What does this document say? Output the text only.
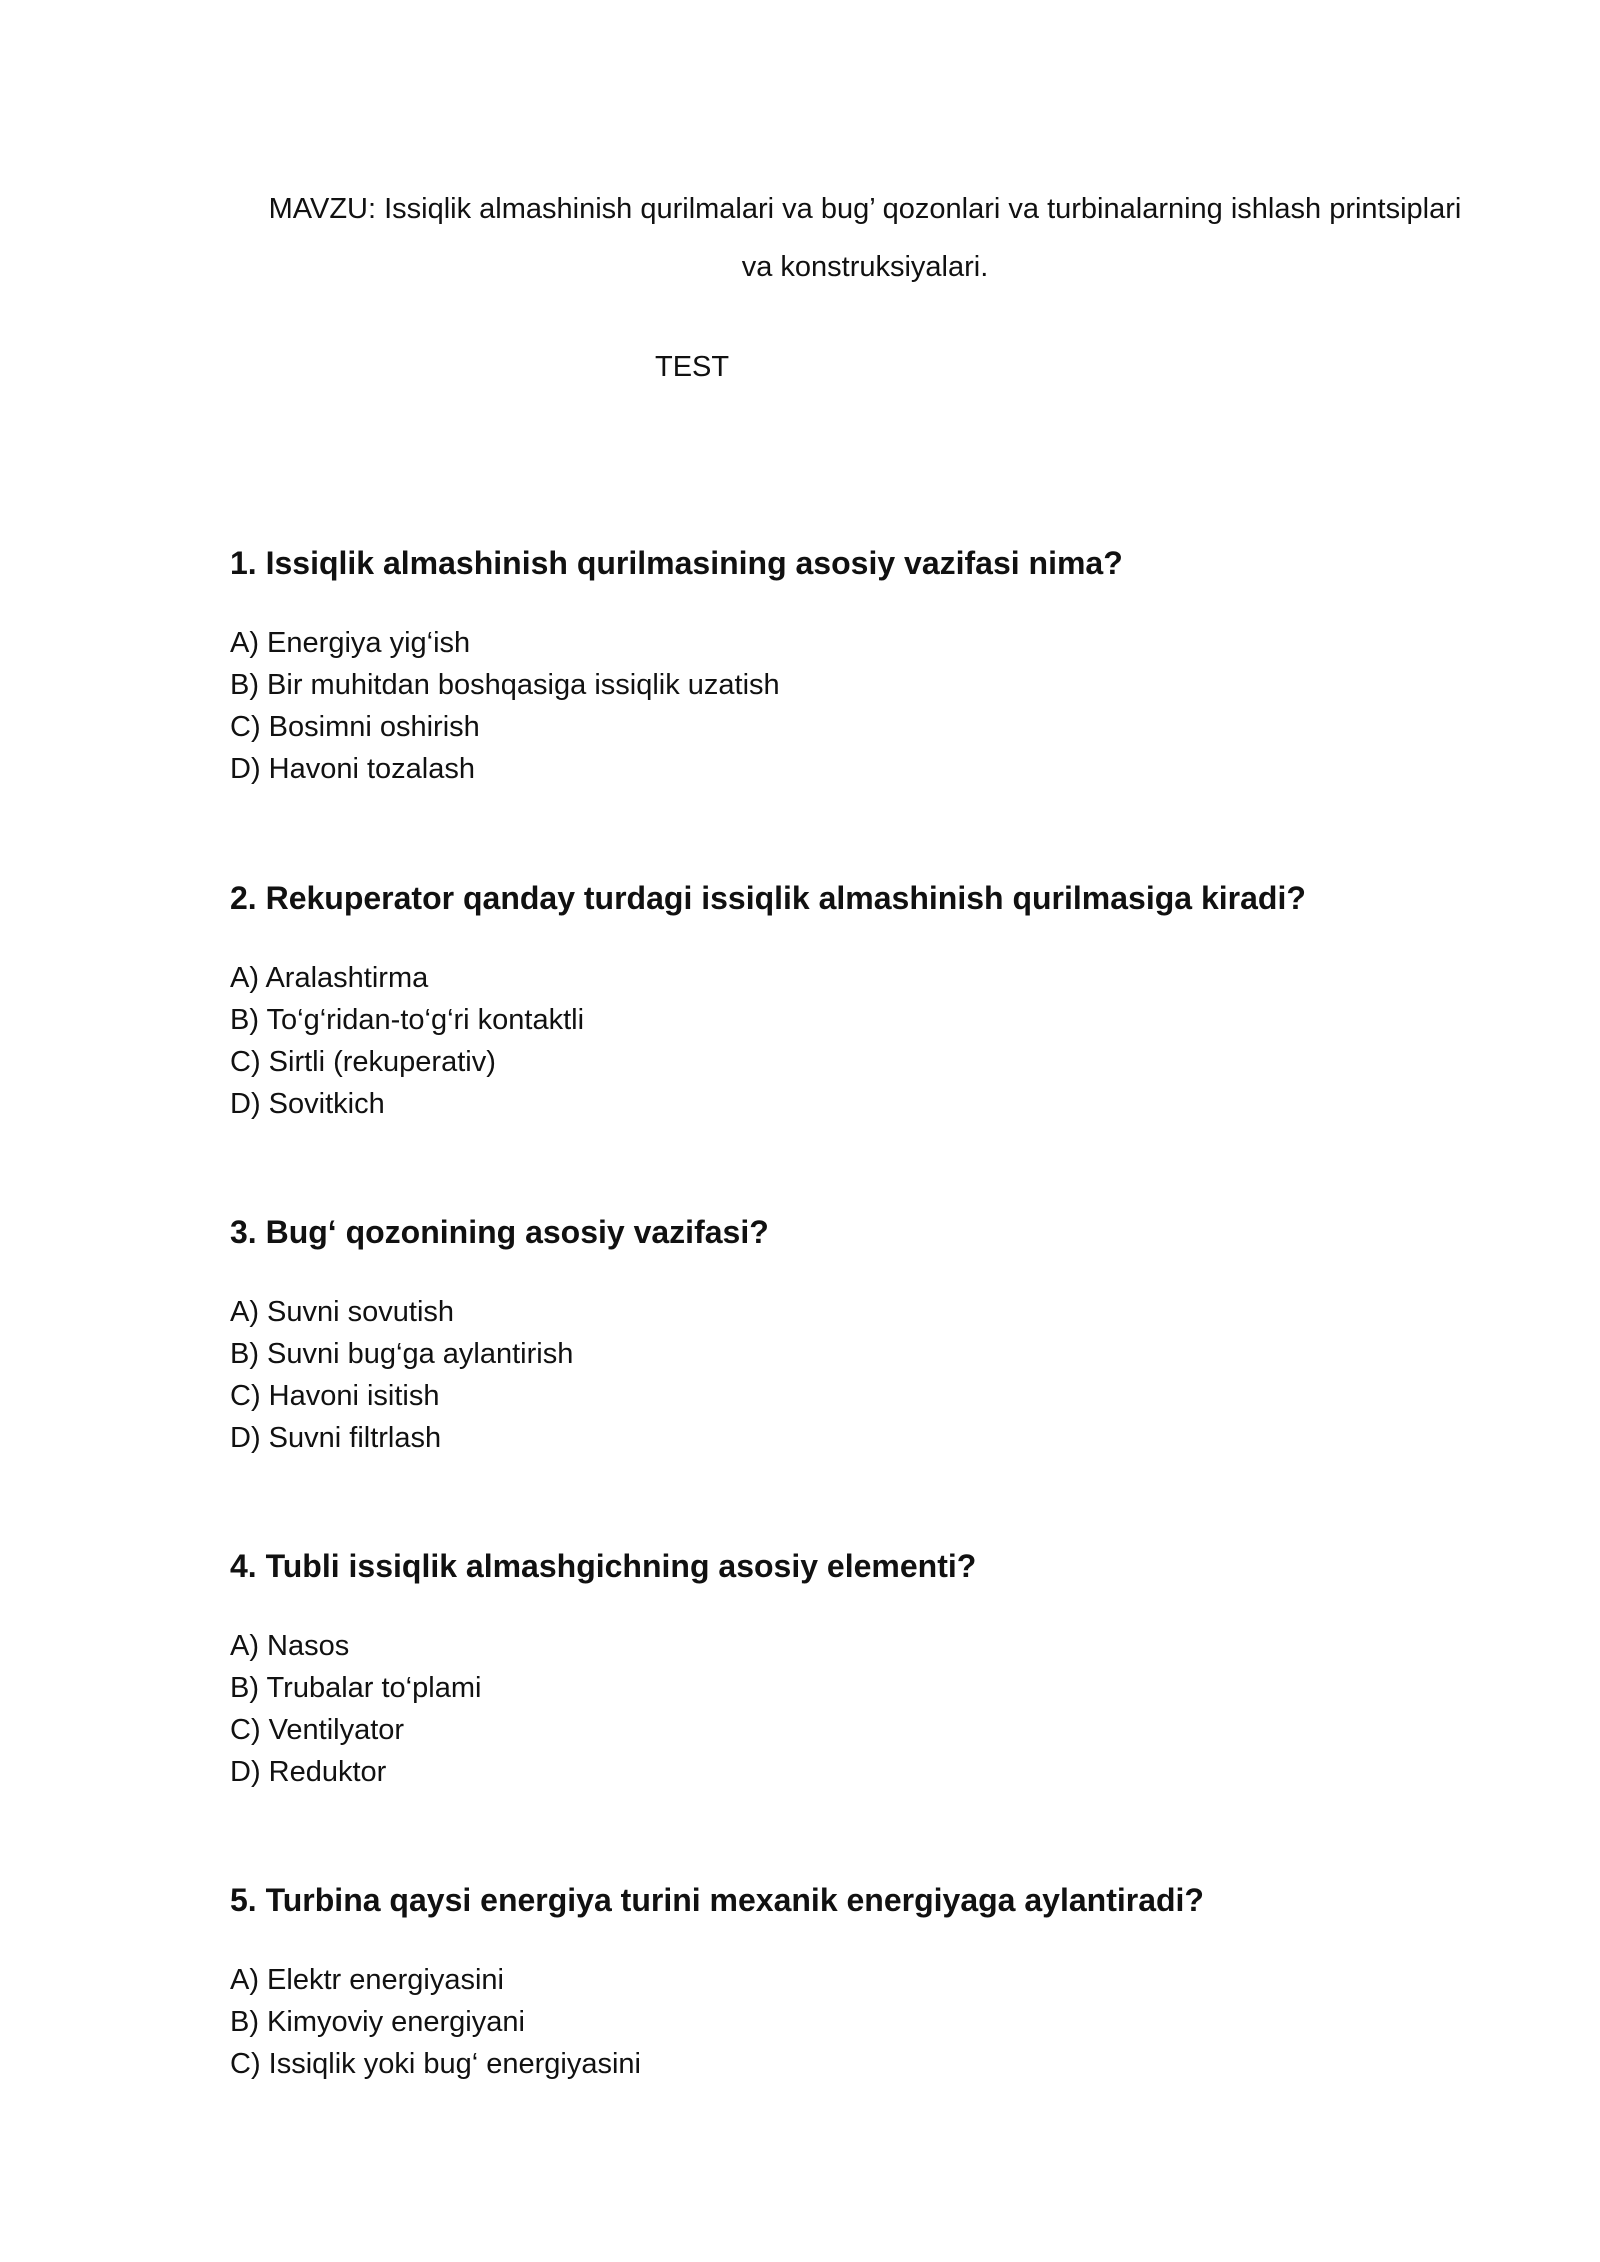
MAVZU: Issiqlik almashinish qurilmalari va bug’ qozonlari va turbinalarning ishlash printsiplari
va konstruksiyalari.
TEST

1. Issiqlik almashinish qurilmasining asosiy vazifasi nima?

A) Energiya yig‘ish

B) Bir muhitdan boshqasiga issiqlik uzatish

C) Bosimni oshirish

D) Havoni tozalash

2. Rekuperator qanday turdagi issiqlik almashinish qurilmasiga kiradi?

A) Aralashtirma

B) To‘g‘ridan-to‘g‘ri kontaktli

C) Sirtli (rekuperativ)

D) Sovitkich

3. Bug‘ qozonining asosiy vazifasi?

A) Suvni sovutish

B) Suvni bug‘ga aylantirish

C) Havoni isitish

D) Suvni filtrlash

4. Tubli issiqlik almashgichning asosiy elementi?

A) Nasos

B) Trubalar to‘plami

C) Ventilyator

D) Reduktor

5. Turbina qaysi energiya turini mexanik energiyaga aylantiradi?

A) Elektr energiyasini

B) Kimyoviy energiyani

C) Issiqlik yoki bug‘ energiyasini
